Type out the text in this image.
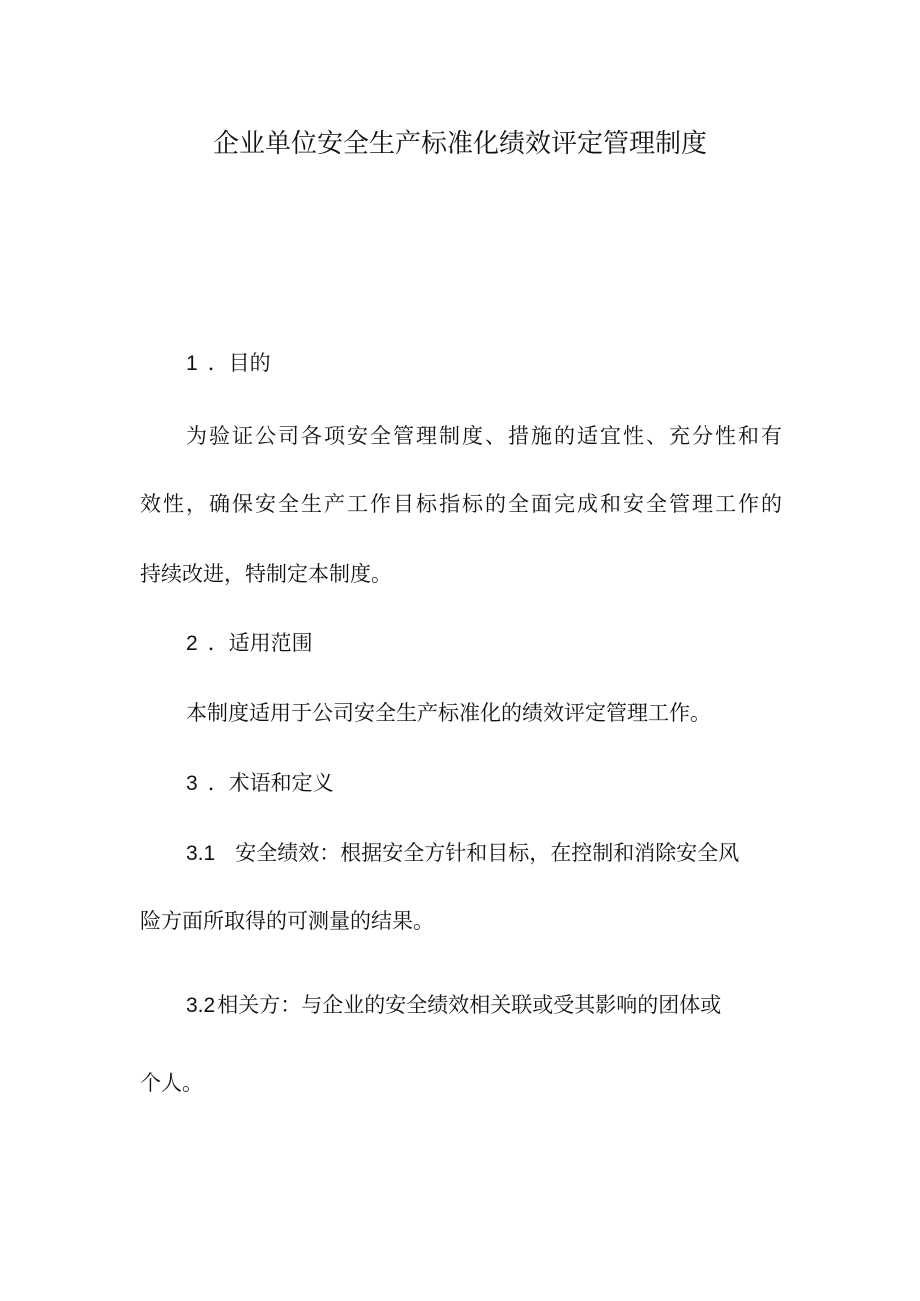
企业单位安全生产标准化绩效评定管理制度
1 ．目的
为验证公司各项安全管理制度、措施的适宜性、充分性和有
效性，确保安全生产工作目标指标的全面完成和安全管理工作的
持续改进，特制定本制度。
2 ．适用范围
本制度适用于公司安全生产标准化的绩效评定管理工作。
3 ．术语和定义
3.1 安全绩效：根据安全方针和目标，在控制和消除安全风
险方面所取得的可测量的结果。
3.2相关方：与企业的安全绩效相关联或受其影响的团体或
个人。
